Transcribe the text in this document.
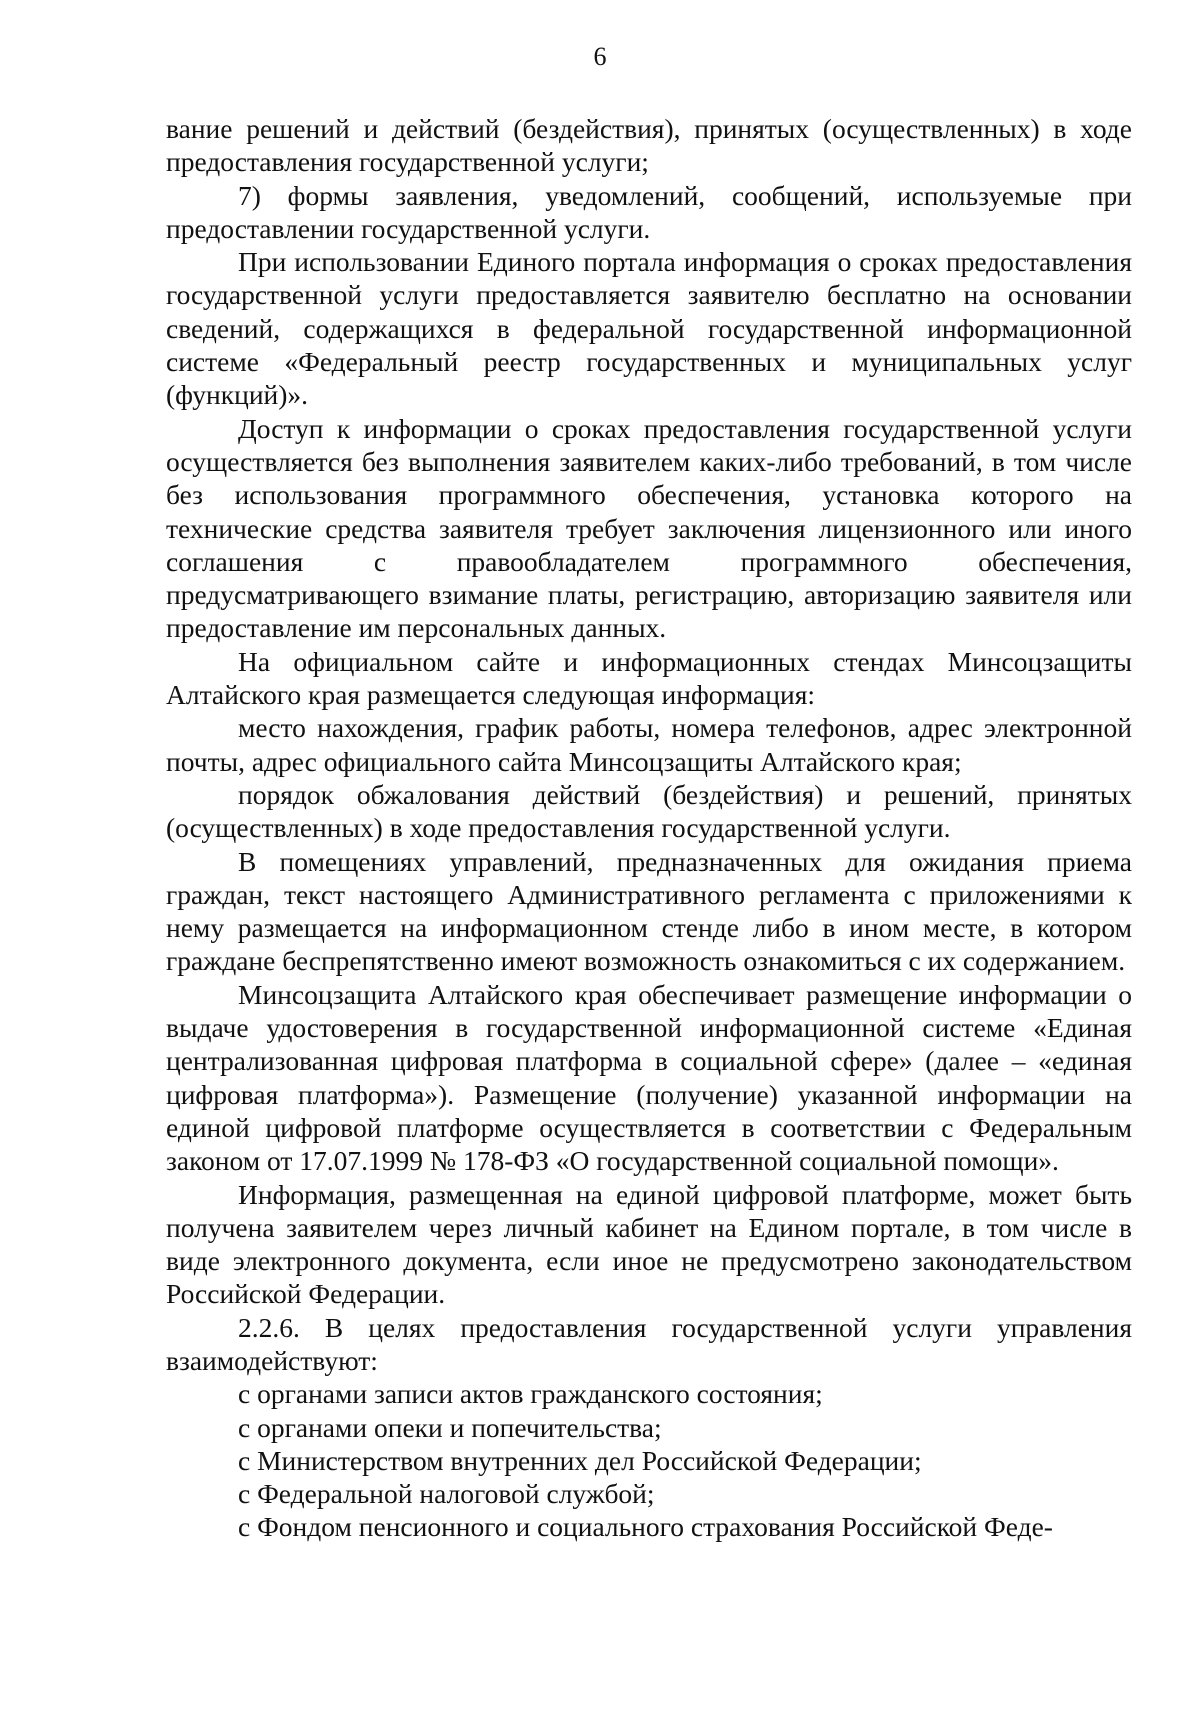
6

вание решений и действий (бездействия), принятых (осуществленных) в ходе предоставления государственной услуги;

7) формы заявления, уведомлений, сообщений, используемые при предоставлении государственной услуги.

При использовании Единого портала информация о сроках предоставления государственной услуги предоставляется заявителю бесплатно на основании сведений, содержащихся в федеральной государственной информационной системе «Федеральный реестр государственных и муниципальных услуг (функций)».

Доступ к информации о сроках предоставления государственной услуги осуществляется без выполнения заявителем каких-либо требований, в том числе без использования программного обеспечения, установка которого на технические средства заявителя требует заключения лицензионного или иного соглашения с правообладателем программного обеспечения, предусматривающего взимание платы, регистрацию, авторизацию заявителя или предоставление им персональных данных.

На официальном сайте и информационных стендах Минсоцзащиты Алтайского края размещается следующая информация:

место нахождения, график работы, номера телефонов, адрес электронной почты, адрес официального сайта Минсоцзащиты Алтайского края;

порядок обжалования действий (бездействия) и решений, принятых (осуществленных) в ходе предоставления государственной услуги.

В помещениях управлений, предназначенных для ожидания приема граждан, текст настоящего Административного регламента с приложениями к нему размещается на информационном стенде либо в ином месте, в котором граждане беспрепятственно имеют возможность ознакомиться с их содержанием.

Минсоцзащита Алтайского края обеспечивает размещение информации о выдаче удостоверения в государственной информационной системе «Единая централизованная цифровая платформа в социальной сфере» (далее – «единая цифровая платформа»). Размещение (получение) указанной информации на единой цифровой платформе осуществляется в соответствии с Федеральным законом от 17.07.1999 № 178-ФЗ «О государственной социальной помощи».

Информация, размещенная на единой цифровой платформе, может быть получена заявителем через личный кабинет на Едином портале, в том числе в виде электронного документа, если иное не предусмотрено законодательством Российской Федерации.

2.2.6. В целях предоставления государственной услуги управления взаимодействуют:

с органами записи актов гражданского состояния;

с органами опеки и попечительства;

с Министерством внутренних дел Российской Федерации;

с Федеральной налоговой службой;

с Фондом пенсионного и социального страхования Российской Феде-
